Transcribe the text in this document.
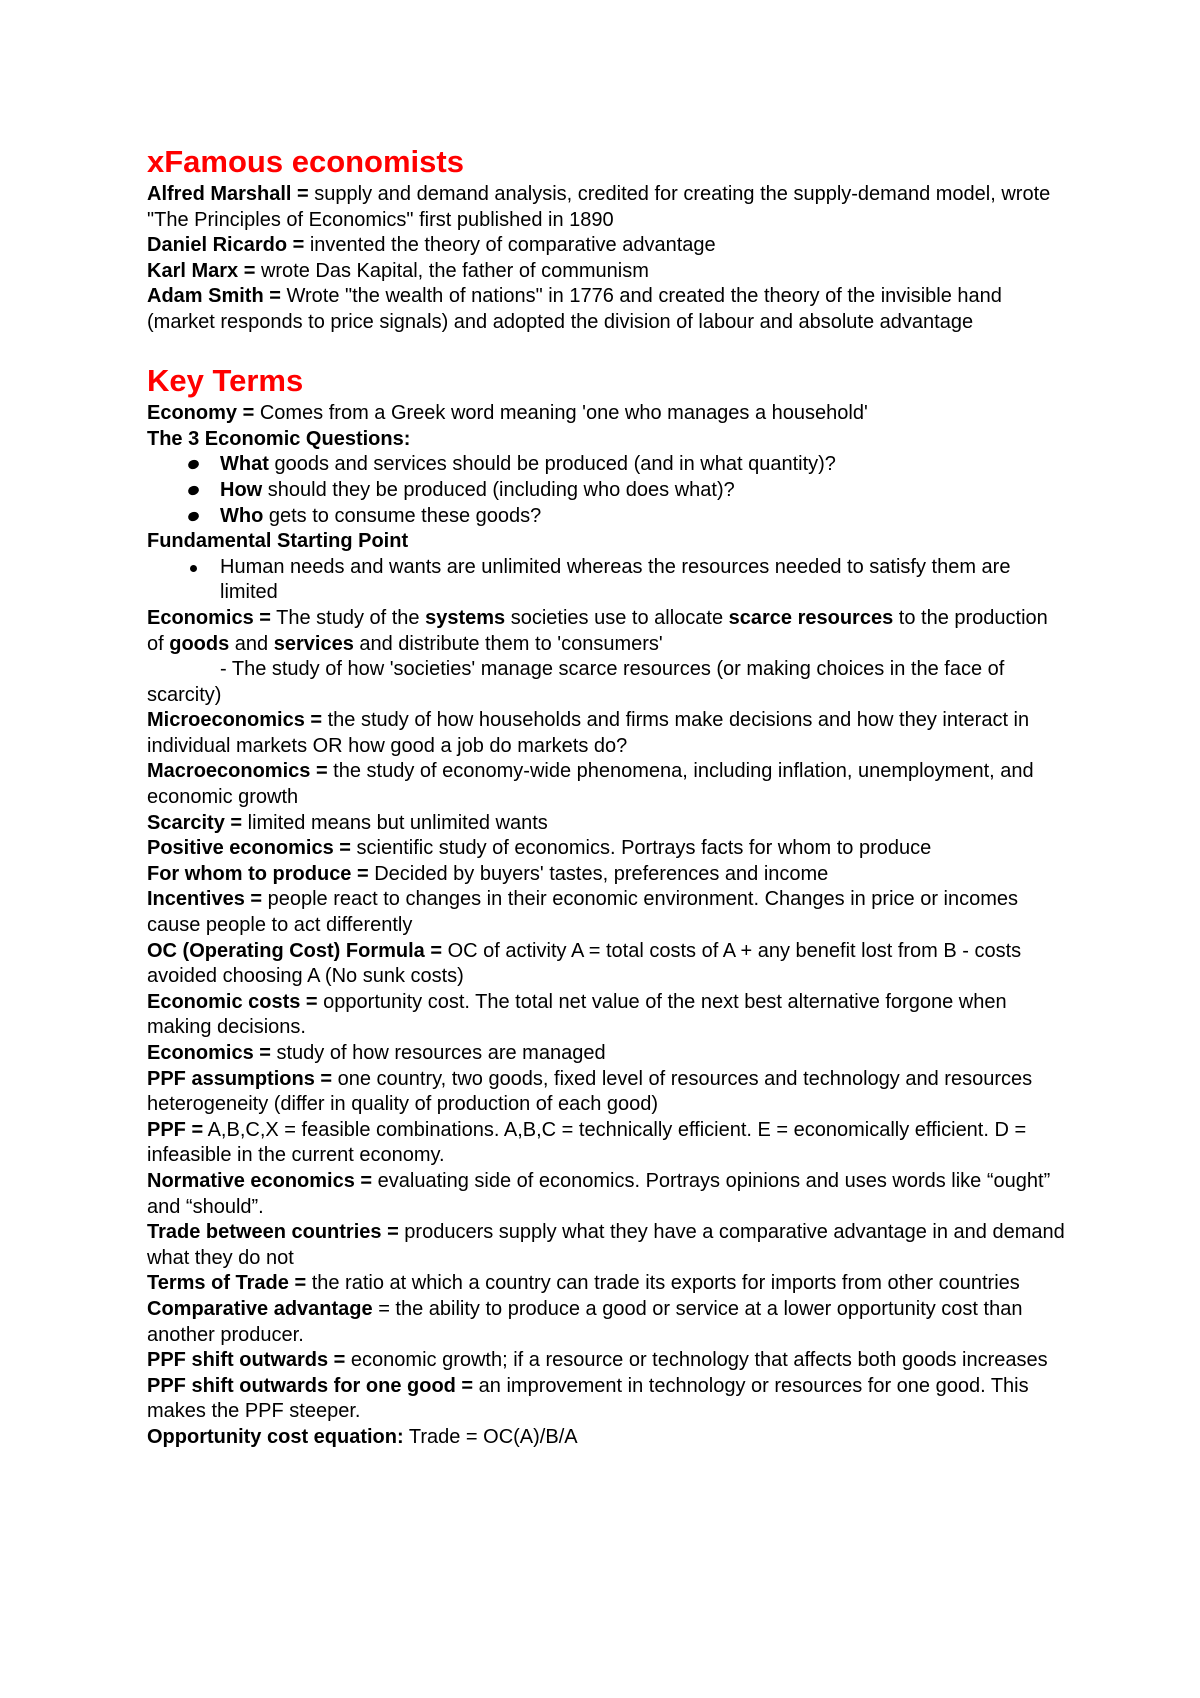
xFamous economists

Alfred Marshall = supply and demand analysis, credited for creating the supply-demand model, wrote "The Principles of Economics" first published in 1890

Daniel Ricardo = invented the theory of comparative advantage

Karl Marx = wrote Das Kapital, the father of communism

Adam Smith = Wrote "the wealth of nations" in 1776 and created the theory of the invisible hand (market responds to price signals) and adopted the division of labour and absolute advantage

Key Terms

Economy = Comes from a Greek word meaning 'one who manages a household'

The 3 Economic Questions:

What goods and services should be produced (and in what quantity)?
How should they be produced (including who does what)?
Who gets to consume these goods?

Fundamental Starting Point

Human needs and wants are unlimited whereas the resources needed to satisfy them are limited

Economics = The study of the systems societies use to allocate scarce resources to the production of goods and services and distribute them to 'consumers'

- The study of how 'societies' manage scarce resources (or making choices in the face of scarcity)

Microeconomics = the study of how households and firms make decisions and how they interact in individual markets OR how good a job do markets do?

Macroeconomics = the study of economy-wide phenomena, including inflation, unemployment, and economic growth

Scarcity = limited means but unlimited wants

Positive economics = scientific study of economics. Portrays facts for whom to produce

For whom to produce = Decided by buyers' tastes, preferences and income

Incentives = people react to changes in their economic environment. Changes in price or incomes cause people to act differently

OC (Operating Cost) Formula = OC of activity A = total costs of A + any benefit lost from B - costs avoided choosing A (No sunk costs)

Economic costs = opportunity cost. The total net value of the next best alternative forgone when making decisions.

Economics = study of how resources are managed

PPF assumptions = one country, two goods, fixed level of resources and technology and resources heterogeneity (differ in quality of production of each good)

PPF = A,B,C,X = feasible combinations. A,B,C = technically efficient. E = economically efficient. D = infeasible in the current economy.

Normative economics = evaluating side of economics. Portrays opinions and uses words like “ought” and “should”.

Trade between countries = producers supply what they have a comparative advantage in and demand what they do not

Terms of Trade = the ratio at which a country can trade its exports for imports from other countries

Comparative advantage = the ability to produce a good or service at a lower opportunity cost than another producer.

PPF shift outwards = economic growth; if a resource or technology that affects both goods increases

PPF shift outwards for one good = an improvement in technology or resources for one good. This makes the PPF steeper.

Opportunity cost equation: Trade = OC(A)/B/A
